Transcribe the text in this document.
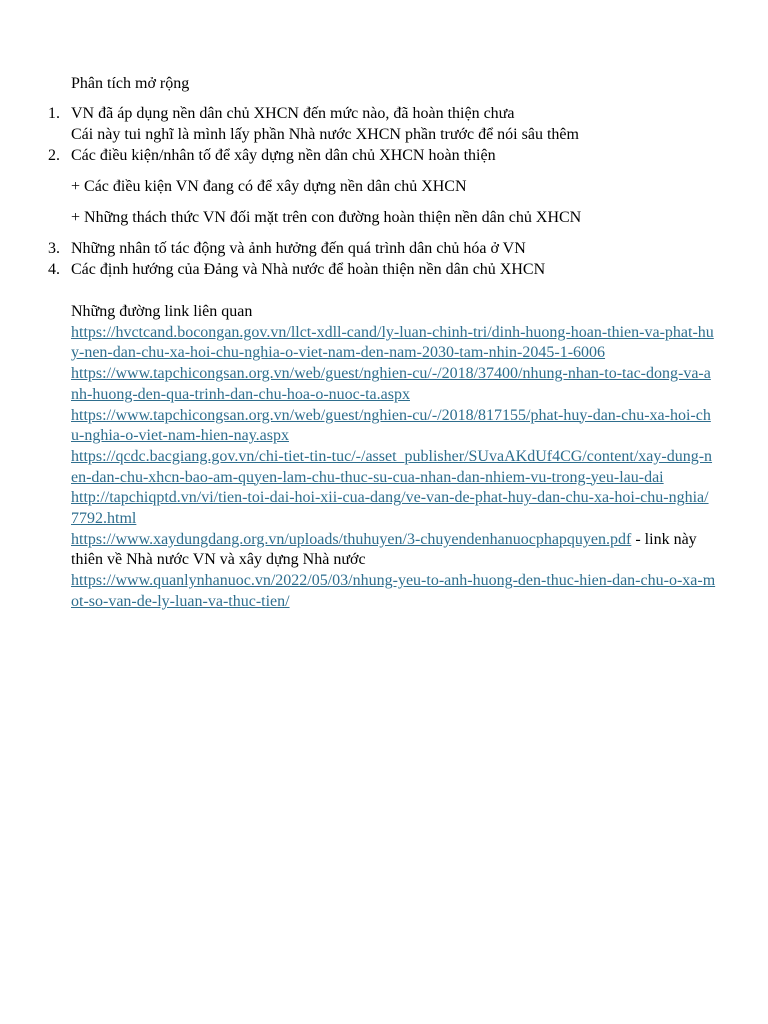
Phân tích mở rộng
1. VN đã áp dụng nền dân chủ XHCN đến mức nào, đã hoàn thiện chưa
Cái này tui nghĩ là mình lấy phần Nhà nước XHCN phần trước để nói sâu thêm
2. Các điều kiện/nhân tố để xây dựng nền dân chủ XHCN hoàn thiện
+ Các điều kiện VN đang có để xây dựng nền dân chủ XHCN
+ Những thách thức VN đối mặt trên con đường hoàn thiện nền dân chủ XHCN
3. Những nhân tố tác động và ảnh hưởng đến quá trình dân chủ hóa ở VN
4. Các định hướng của Đảng và Nhà nước để hoàn thiện nền dân chủ XHCN
Những đường link liên quan
https://hvctcand.bocongan.gov.vn/llct-xdll-cand/ly-luan-chinh-tri/dinh-huong-hoan-thien-va-phat-huy-nen-dan-chu-xa-hoi-chu-nghia-o-viet-nam-den-nam-2030-tam-nhin-2045-1-6006
https://www.tapchicongsan.org.vn/web/guest/nghien-cu/-/2018/37400/nhung-nhan-to-tac-dong-va-anh-huong-den-qua-trinh-dan-chu-hoa-o-nuoc-ta.aspx
https://www.tapchicongsan.org.vn/web/guest/nghien-cu/-/2018/817155/phat-huy-dan-chu-xa-hoi-chu-nghia-o-viet-nam-hien-nay.aspx
https://qcdc.bacgiang.gov.vn/chi-tiet-tin-tuc/-/asset_publisher/SUvaAKdUf4CG/content/xay-dung-nen-dan-chu-xhcn-bao-am-quyen-lam-chu-thuc-su-cua-nhan-dan-nhiem-vu-trong-yeu-lau-dai
http://tapchiqptd.vn/vi/tien-toi-dai-hoi-xii-cua-dang/ve-van-de-phat-huy-dan-chu-xa-hoi-chu-nghia/7792.html
https://www.xaydungdang.org.vn/uploads/thuhuyen/3-chuyendenhanuocphapquyen.pdf - link này thiên về Nhà nước VN và xây dựng Nhà nước
https://www.quanlynhanuoc.vn/2022/05/03/nhung-yeu-to-anh-huong-den-thuc-hien-dan-chu-o-xa-mot-so-van-de-ly-luan-va-thuc-tien/
